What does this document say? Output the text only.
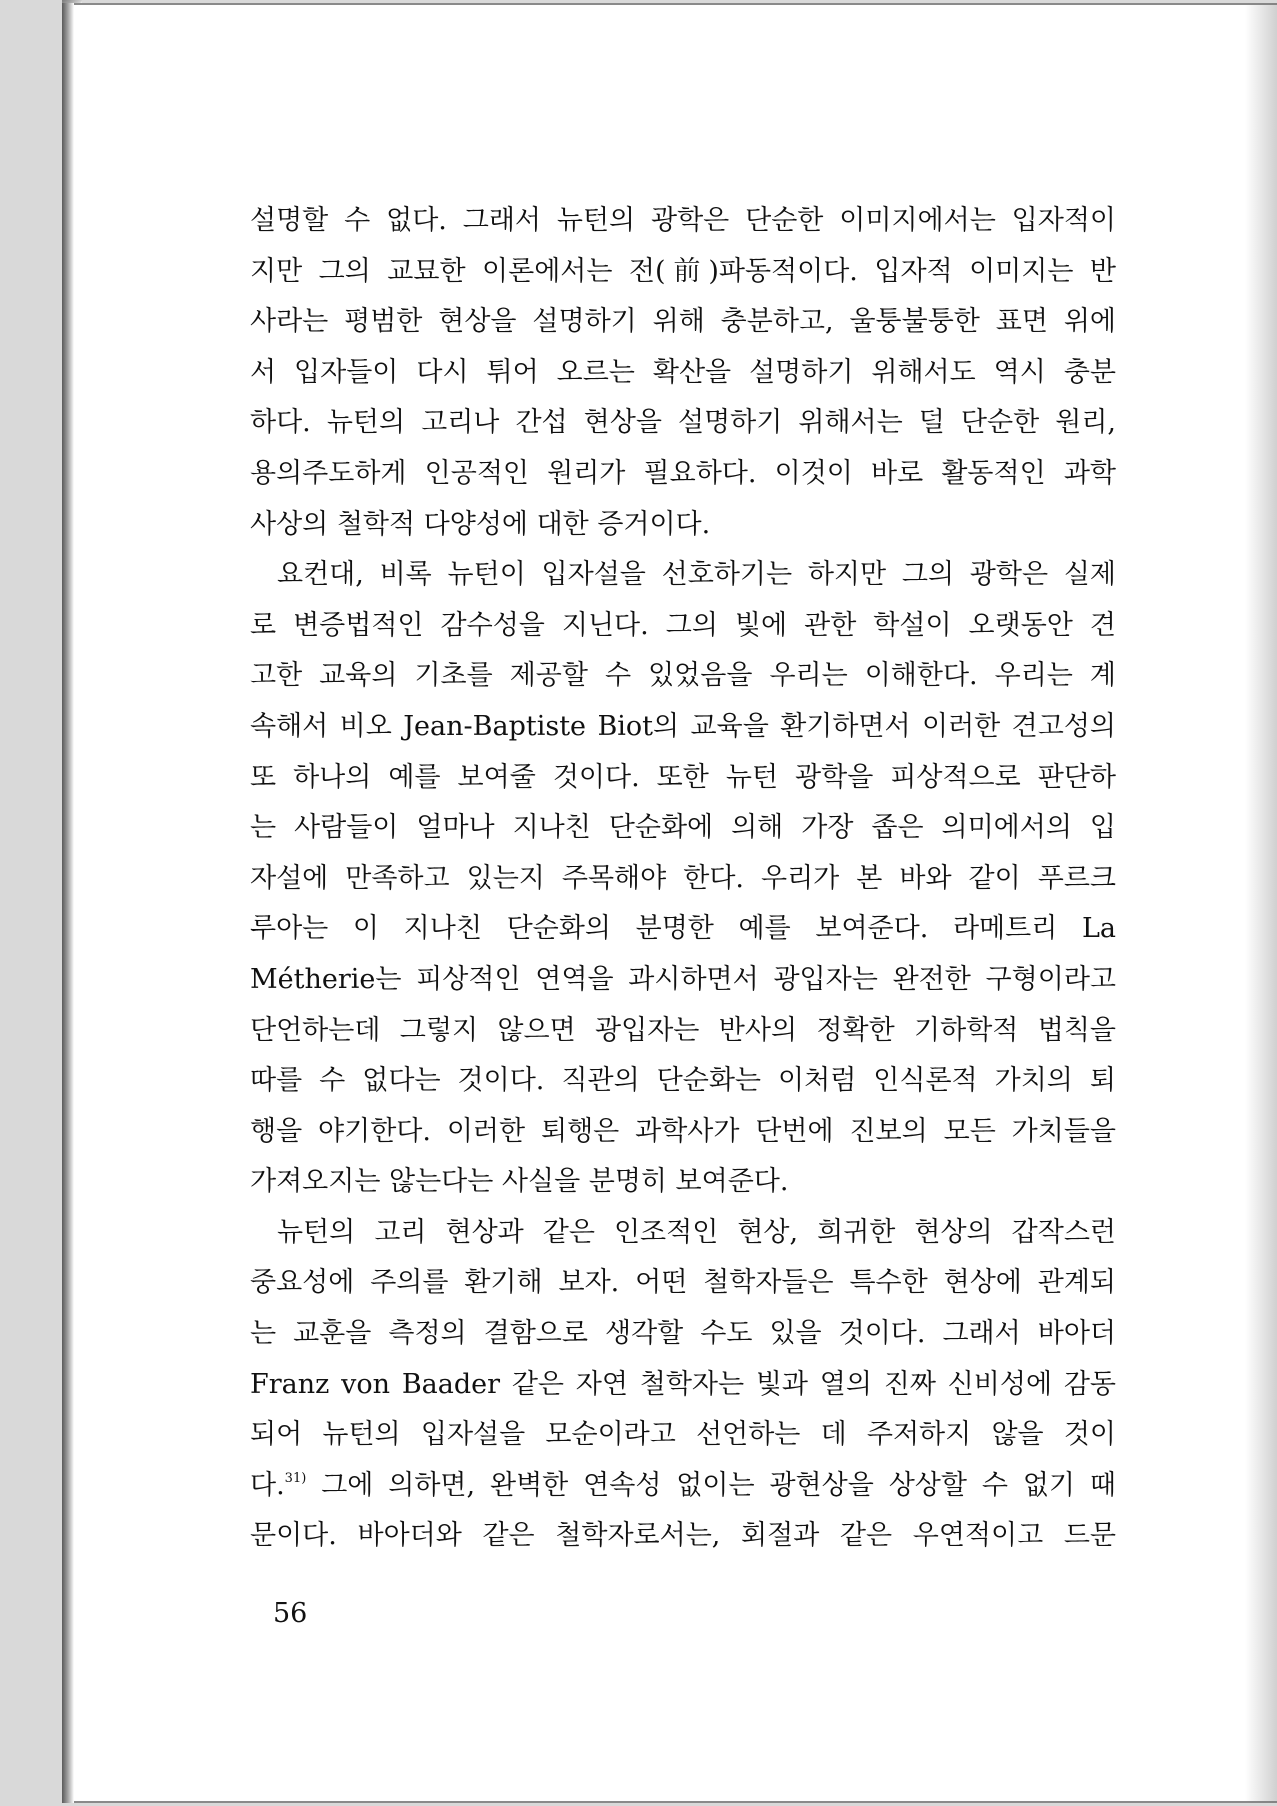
설명할 수 없다. 그래서 뉴턴의 광학은 단순한 이미지에서는 입자적이
지만 그의 교묘한 이론에서는 전(前)파동적이다. 입자적 이미지는 반
사라는 평범한 현상을 설명하기 위해 충분하고, 울퉁불퉁한 표면 위에
서 입자들이 다시 튀어 오르는 확산을 설명하기 위해서도 역시 충분
하다. 뉴턴의 고리나 간섭 현상을 설명하기 위해서는 덜 단순한 원리,
용의주도하게 인공적인 원리가 필요하다. 이것이 바로 활동적인 과학
사상의 철학적 다양성에 대한 증거이다.
요컨대, 비록 뉴턴이 입자설을 선호하기는 하지만 그의 광학은 실제
로 변증법적인 감수성을 지닌다. 그의 빛에 관한 학설이 오랫동안 견
고한 교육의 기초를 제공할 수 있었음을 우리는 이해한다. 우리는 계
속해서 비오 Jean-Baptiste Biot의 교육을 환기하면서 이러한 견고성의
또 하나의 예를 보여줄 것이다. 또한 뉴턴 광학을 피상적으로 판단하
는 사람들이 얼마나 지나친 단순화에 의해 가장 좁은 의미에서의 입
자설에 만족하고 있는지 주목해야 한다. 우리가 본 바와 같이 푸르크
루아는 이 지나친 단순화의 분명한 예를 보여준다. 라메트리 La
Métherie는 피상적인 연역을 과시하면서 광입자는 완전한 구형이라고
단언하는데 그렇지 않으면 광입자는 반사의 정확한 기하학적 법칙을
따를 수 없다는 것이다. 직관의 단순화는 이처럼 인식론적 가치의 퇴
행을 야기한다. 이러한 퇴행은 과학사가 단번에 진보의 모든 가치들을
가져오지는 않는다는 사실을 분명히 보여준다.
뉴턴의 고리 현상과 같은 인조적인 현상, 희귀한 현상의 갑작스런
중요성에 주의를 환기해 보자. 어떤 철학자들은 특수한 현상에 관계되
는 교훈을 측정의 결함으로 생각할 수도 있을 것이다. 그래서 바아더
Franz von Baader 같은 자연 철학자는 빛과 열의 진짜 신비성에 감동
되어 뉴턴의 입자설을 모순이라고 선언하는 데 주저하지 않을 것이
다.$^{31)}$ 그에 의하면, 완벽한 연속성 없이는 광현상을 상상할 수 없기 때
문이다. 바아더와 같은 철학자로서는, 회절과 같은 우연적이고 드문
56
